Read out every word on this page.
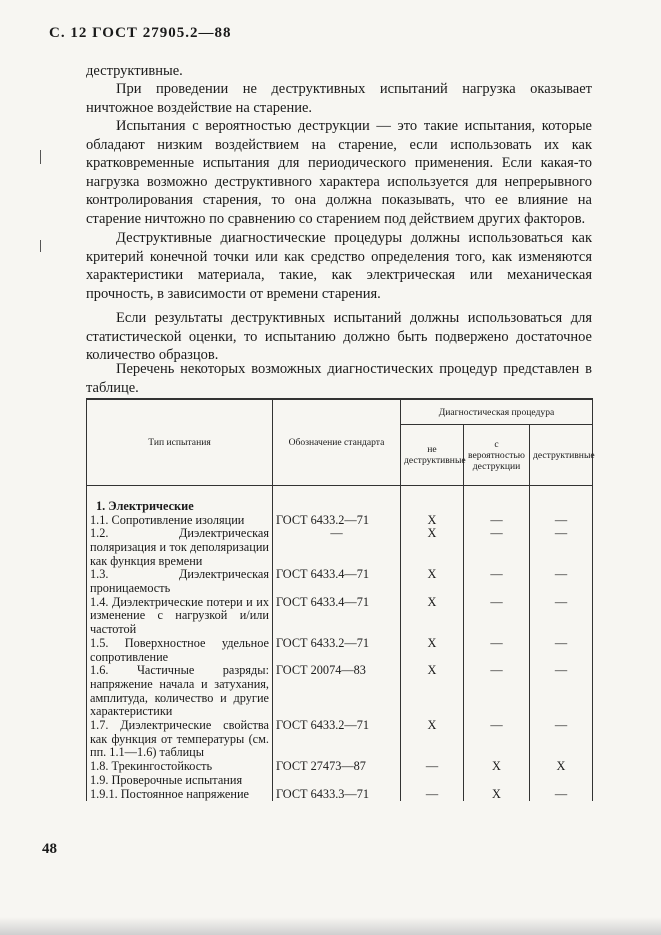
С. 12 ГОСТ 27905.2—88

деструктивные.

При проведении не деструктивных испытаний нагрузка оказывает ничтожное воздействие на старение.

Испытания с вероятностью деструкции — это такие испытания, которые обладают низким воздействием на старение, если использовать их как кратковременные испытания для периодического применения. Если какая-то нагрузка возможно деструктивного характера используется для непрерывного контролирования старения, то она должна показывать, что ее влияние на старение ничтожно по сравнению со старением под действием других факторов.

Деструктивные диагностические процедуры должны использоваться как критерий конечной точки или как средство определения того, как изменяются характеристики материала, такие, как электрическая или механическая прочность, в зависимости от времени старения.

Если результаты деструктивных испытаний должны использоваться для статистической оценки, то испытанию должно быть подвержено достаточное количество образцов.

Перечень некоторых возможных диагностических процедур представлен в таблице.

Тип испытания	Обозначение стандарта	Диагностическая процедура		
		не деструктивные	с вероятностью деструкции	деструктивные

1. Электрические				

1.1. Сопротивление изоляции	ГОСТ 6433.2—71	X	—	—
1.2. Диэлектрическая поляризация и ток деполяризации как функция времени	—	X	—	—
1.3. Диэлектрическая проницаемость	ГОСТ 6433.4—71	X	—	—
1.4. Диэлектрические потери и их изменение с нагрузкой и/или частотой	ГОСТ 6433.4—71	X	—	—
1.5. Поверхностное удельное сопротивление	ГОСТ 6433.2—71	X	—	—
1.6. Частичные разряды: напряжение начала и затухания, амплитуда, количество и другие характеристики	ГОСТ 20074—83	X	—	—
1.7. Диэлектрические свойства как функция от температуры (см. пп. 1.1—1.6) таблицы	ГОСТ 6433.2—71	X	—	—
1.8. Трекингостойкость	ГОСТ 27473—87	—	X	X
1.9. Проверочные испытания				
1.9.1. Постоянное напряжение	ГОСТ 6433.3—71	—	X	—
48
